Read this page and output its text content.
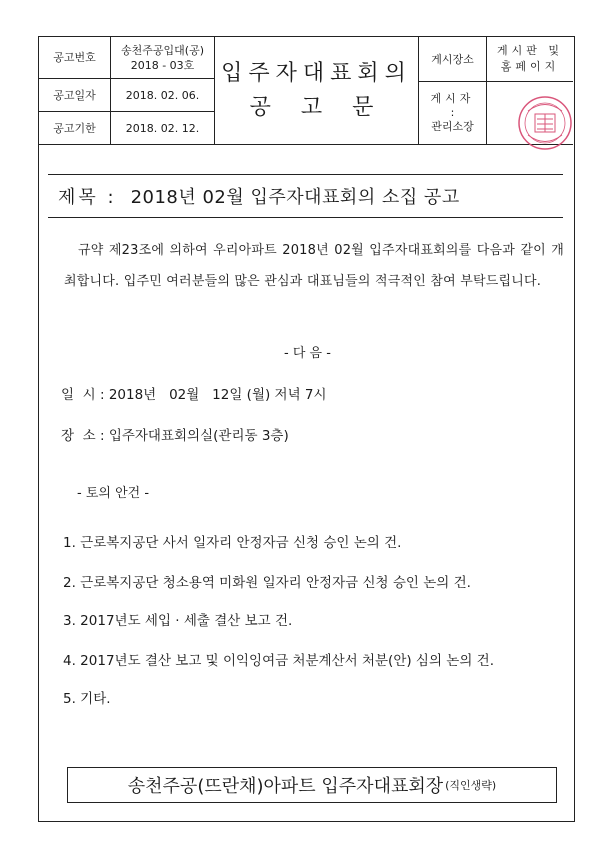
공고번호
송천주공입대(공)
2018 - 03호
공고일자	2018. 02. 06.
공고기한	2018. 02. 12.
입주자대표회의
공고문
게시장소
게시판 및
홈페이지
게시자
:
관리소장
제목 : 2018년 02월 입주자대표회의 소집 공고
규약 제23조에 의하여 우리아파트 2018년 02월 입주자대표회의를 다음과 같이 개최합니다. 입주민 여러분들의 많은 관심과 대표님들의 적극적인 참여 부탁드립니다.
- 다 음 -
일  시 : 2018년   02월   12일 (월) 저녁 7시
장  소 : 입주자대표회의실(관리동 3층)
- 토의 안건 -
1. 근로복지공단 사서 일자리 안정자금 신청 승인 논의 건.
2. 근로복지공단 청소용역 미화원 일자리 안정자금 신청 승인 논의 건.
3. 2017년도 세입 · 세출 결산 보고 건.
4. 2017년도 결산 보고 및 이익잉여금 처분계산서 처분(안) 심의 논의 건.
5. 기타.
송천주공(뜨란채)아파트 입주자대표회장 (직인생략)
